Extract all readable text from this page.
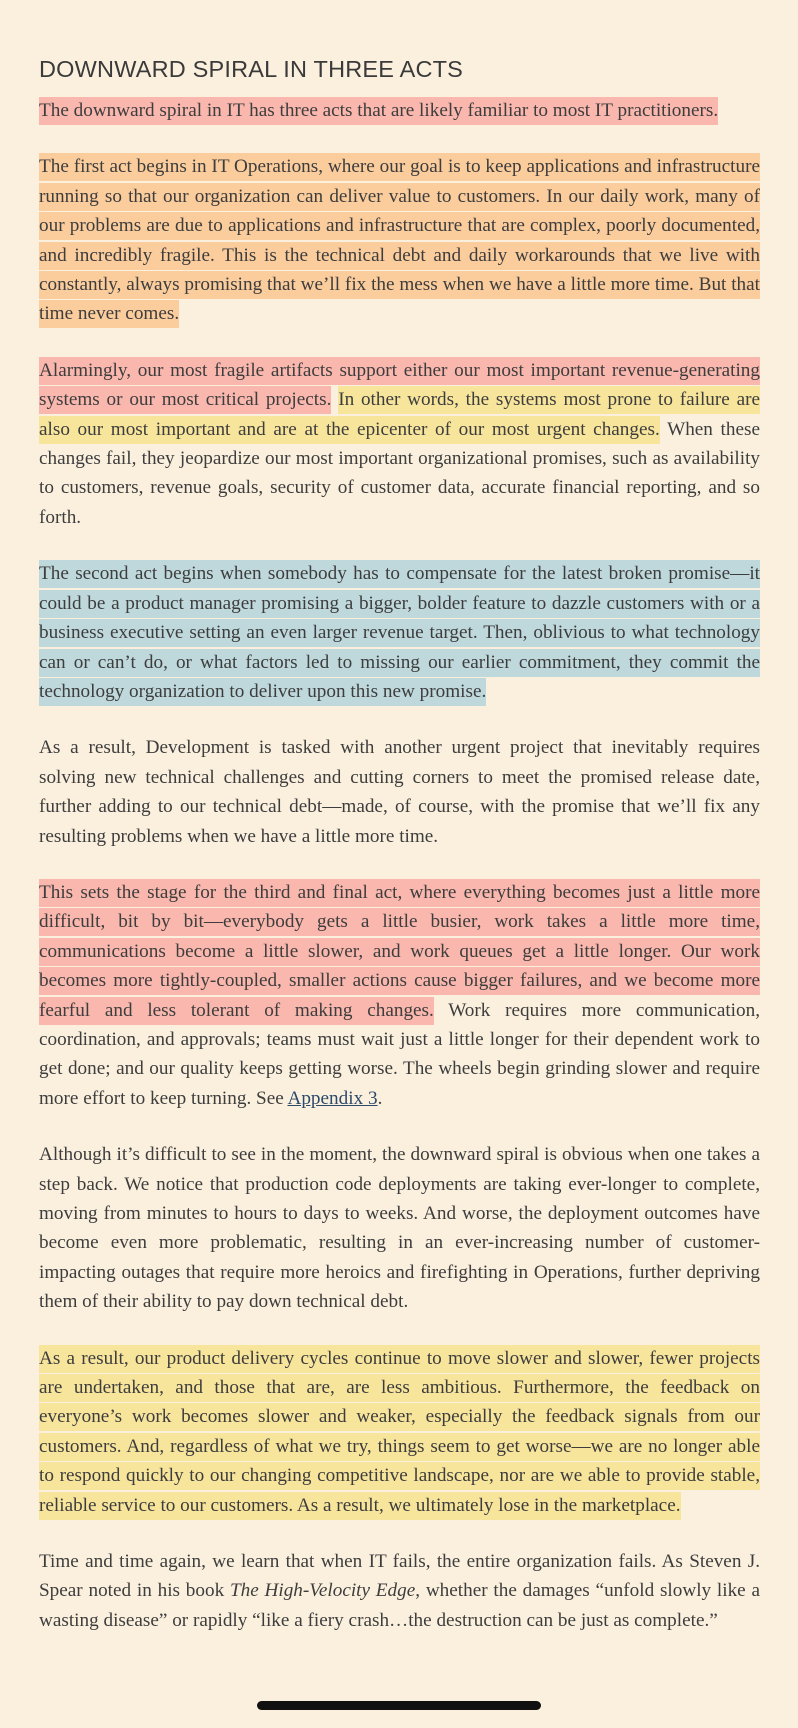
DOWNWARD SPIRAL IN THREE ACTS

The downward spiral in IT has three acts that are likely familiar to most IT practitioners.

The first act begins in IT Operations, where our goal is to keep applications and infrastructure running so that our organization can deliver value to customers. In our daily work, many of our problems are due to applications and infrastructure that are complex, poorly documented, and incredibly fragile. This is the technical debt and daily workarounds that we live with constantly, always promising that we’ll fix the mess when we have a little more time. But that time never comes.

Alarmingly, our most fragile artifacts support either our most important revenue-generating systems or our most critical projects. In other words, the systems most prone to failure are also our most important and are at the epicenter of our most urgent changes. When these changes fail, they jeopardize our most important organizational promises, such as availability to customers, revenue goals, security of customer data, accurate financial reporting, and so forth.

The second act begins when somebody has to compensate for the latest broken promise—it could be a product manager promising a bigger, bolder feature to dazzle customers with or a business executive setting an even larger revenue target. Then, oblivious to what technology can or can’t do, or what factors led to missing our earlier commitment, they commit the technology organization to deliver upon this new promise.

As a result, Development is tasked with another urgent project that inevitably requires solving new technical challenges and cutting corners to meet the promised release date, further adding to our technical debt—made, of course, with the promise that we’ll fix any resulting problems when we have a little more time.

This sets the stage for the third and final act, where everything becomes just a little more difficult, bit by bit—everybody gets a little busier, work takes a little more time, communications become a little slower, and work queues get a little longer. Our work becomes more tightly-coupled, smaller actions cause bigger failures, and we become more fearful and less tolerant of making changes. Work requires more communication, coordination, and approvals; teams must wait just a little longer for their dependent work to get done; and our quality keeps getting worse. The wheels begin grinding slower and require more effort to keep turning. See Appendix 3.

Although it’s difficult to see in the moment, the downward spiral is obvious when one takes a step back. We notice that production code deployments are taking ever-longer to complete, moving from minutes to hours to days to weeks. And worse, the deployment outcomes have become even more problematic, resulting in an ever-increasing number of customer-impacting outages that require more heroics and firefighting in Operations, further depriving them of their ability to pay down technical debt.

As a result, our product delivery cycles continue to move slower and slower, fewer projects are undertaken, and those that are, are less ambitious. Furthermore, the feedback on everyone’s work becomes slower and weaker, especially the feedback signals from our customers. And, regardless of what we try, things seem to get worse—we are no longer able to respond quickly to our changing competitive landscape, nor are we able to provide stable, reliable service to our customers. As a result, we ultimately lose in the marketplace.

Time and time again, we learn that when IT fails, the entire organization fails. As Steven J. Spear noted in his book The High-Velocity Edge, whether the damages “unfold slowly like a wasting disease” or rapidly “like a fiery crash…the destruction can be just as complete.”
